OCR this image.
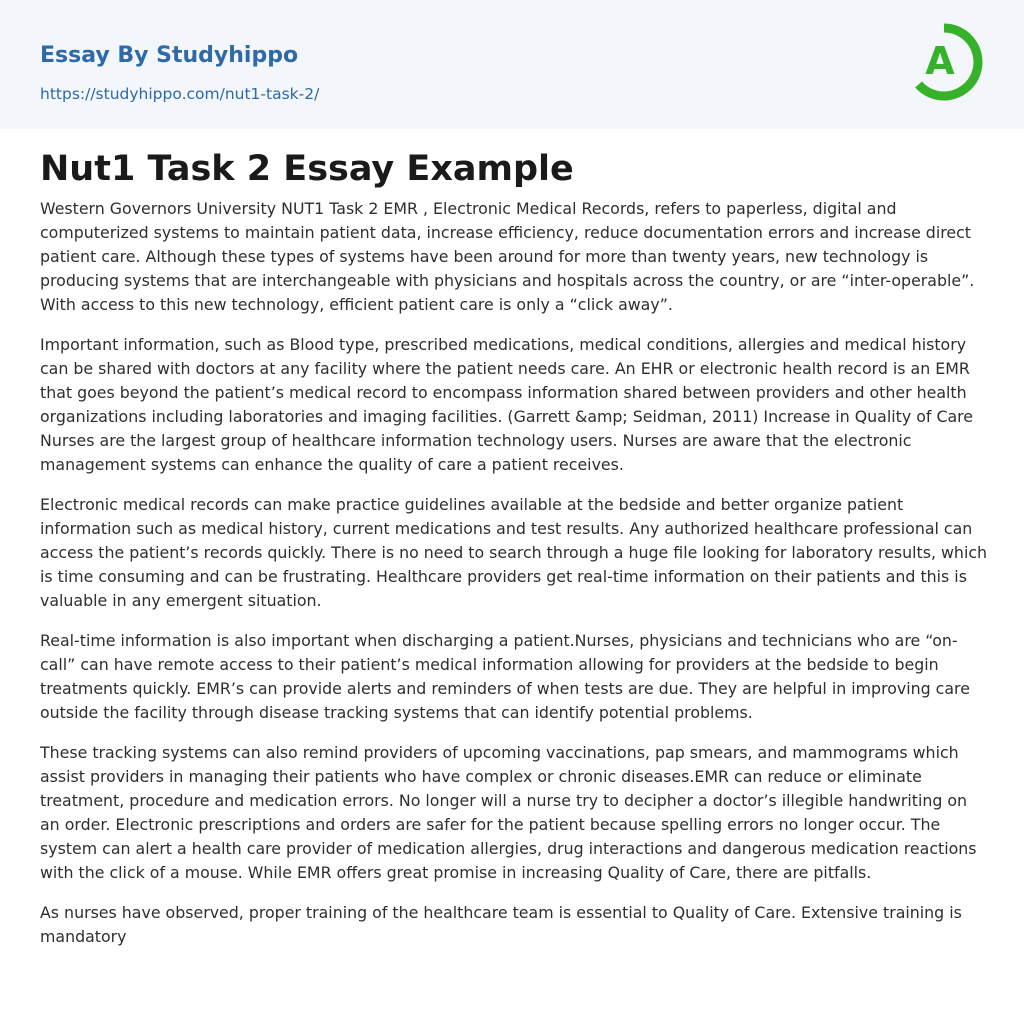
Essay By Studyhippo
https://studyhippo.com/nut1-task-2/
A
Nut1 Task 2 Essay Example

Western Governors University NUT1 Task 2 EMR , Electronic Medical Records, refers to paperless, digital and computerized systems to maintain patient data, increase efficiency, reduce documentation errors and increase direct patient care. Although these types of systems have been around for more than twenty years, new technology is producing systems that are interchangeable with physicians and hospitals across the country, or are “inter-operable”. With access to this new technology, efficient patient care is only a “click away”.

Important information, such as Blood type, prescribed medications, medical conditions, allergies and medical history can be shared with doctors at any facility where the patient needs care. An EHR or electronic health record is an EMR that goes beyond the patient’s medical record to encompass information shared between providers and other health organizations including laboratories and imaging facilities. (Garrett &amp; Seidman, 2011) Increase in Quality of Care Nurses are the largest group of healthcare information technology users. Nurses are aware that the electronic management systems can enhance the quality of care a patient receives.

Electronic medical records can make practice guidelines available at the bedside and better organize patient information such as medical history, current medications and test results. Any authorized healthcare professional can access the patient’s records quickly. There is no need to search through a huge file looking for laboratory results, which is time consuming and can be frustrating. Healthcare providers get real-time information on their patients and this is valuable in any emergent situation.

Real-time information is also important when discharging a patient.Nurses, physicians and technicians who are “on-call” can have remote access to their patient’s medical information allowing for providers at the bedside to begin treatments quickly. EMR’s can provide alerts and reminders of when tests are due. They are helpful in improving care outside the facility through disease tracking systems that can identify potential problems.

These tracking systems can also remind providers of upcoming vaccinations, pap smears, and mammograms which assist providers in managing their patients who have complex or chronic diseases.EMR can reduce or eliminate treatment, procedure and medication errors. No longer will a nurse try to decipher a doctor’s illegible handwriting on an order. Electronic prescriptions and orders are safer for the patient because spelling errors no longer occur. The system can alert a health care provider of medication allergies, drug interactions and dangerous medication reactions with the click of a mouse. While EMR offers great promise in increasing Quality of Care, there are pitfalls.

As nurses have observed, proper training of the healthcare team is essential to Quality of Care. Extensive training is mandatory
